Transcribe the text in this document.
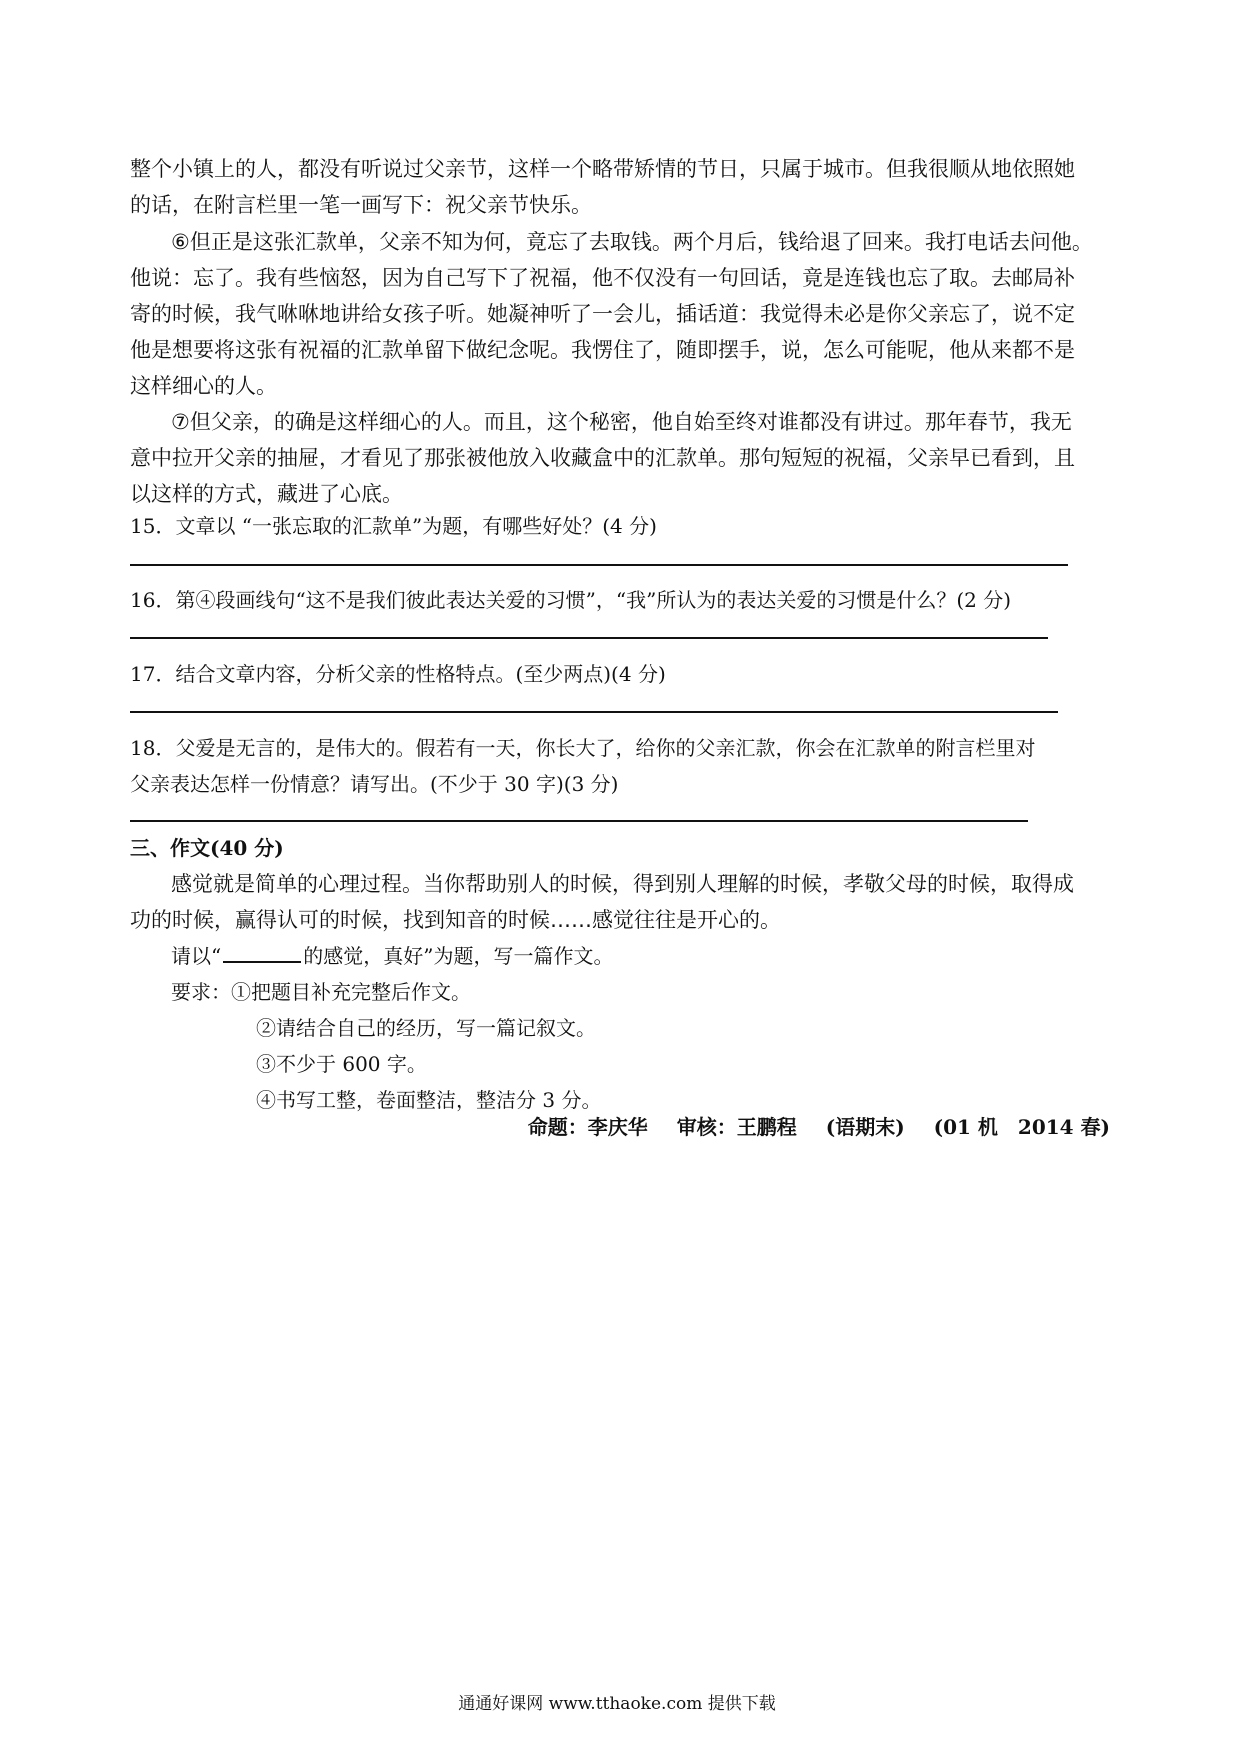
整个小镇上的人，都没有听说过父亲节，这样一个略带矫情的节日，只属于城市。但我很顺从地依照她
的话，在附言栏里一笔一画写下：祝父亲节快乐。
⑥但正是这张汇款单，父亲不知为何，竟忘了去取钱。两个月后，钱给退了回来。我打电话去问他。
他说：忘了。我有些恼怒，因为自己写下了祝福，他不仅没有一句回话，竟是连钱也忘了取。去邮局补
寄的时候，我气咻咻地讲给女孩子听。她凝神听了一会儿，插话道：我觉得未必是你父亲忘了，说不定
他是想要将这张有祝福的汇款单留下做纪念呢。我愣住了，随即摆手，说，怎么可能呢，他从来都不是
这样细心的人。
⑦但父亲，的确是这样细心的人。而且，这个秘密，他自始至终对谁都没有讲过。那年春节，我无
意中拉开父亲的抽屉，才看见了那张被他放入收藏盒中的汇款单。那句短短的祝福，父亲早已看到，且
以这样的方式，藏进了心底。
15．文章以 “一张忘取的汇款单”为题，有哪些好处？(4 分)
16．第④段画线句“这不是我们彼此表达关爱的习惯”，“我”所认为的表达关爱的习惯是什么？(2 分)
17．结合文章内容，分析父亲的性格特点。(至少两点)(4 分)
18．父爱是无言的，是伟大的。假若有一天，你长大了，给你的父亲汇款，你会在汇款单的附言栏里对
父亲表达怎样一份情意？请写出。(不少于 30 字)(3 分)
三、作文(40 分)
感觉就是简单的心理过程。当你帮助别人的时候，得到别人理解的时候，孝敬父母的时候，取得成
功的时候，赢得认可的时候，找到知音的时候……感觉往往是开心的。
请以“	的感觉，真好”为题，写一篇作文。
要求：①把题目补充完整后作文。
②请结合自己的经历，写一篇记叙文。
③不少于 600 字。
④书写工整，卷面整洁，整洁分 3 分。
命题：李庆华 审核：王鹏程 (语期末) (01 机　2014 春)
通通好课网 www.tthaoke.com 提供下载
